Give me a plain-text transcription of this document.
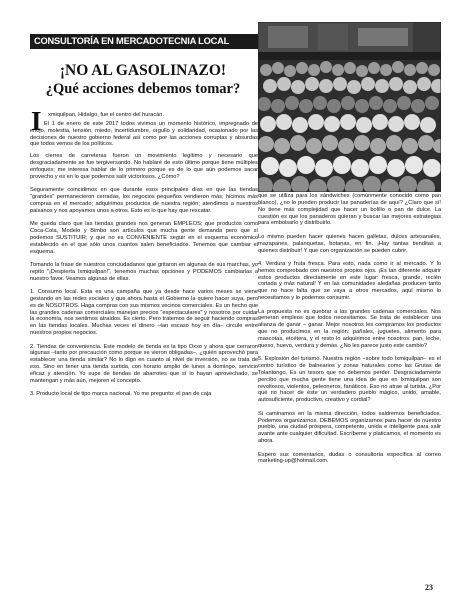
CONSULTORÍA EN MERCADOTECNIA LOCAL
¡NO AL GASOLINAZO!
¿Qué acciones debemos tomar?
I	xmiquilpan, Hidalgo, fue el centro del huracán.

El 1 de enero de este 2017 todos vivimos un momento histórico, impregnado de enojo, molestia, tensión, miedo, incertidumbre, orgullo y solidaridad, ocasionado por las decisiones de nuestro gobierno federal así como por las acciones corruptas y absurdas que todos vemos de los políticos.

Los cierres de carreteras fueron un movimiento legítimo y necesario que desgraciadamente se fue tergiversando. No hablaré de esto último porque tiene múltiples enfoques; me interesa hablar de lo primero porque es de lo que aún podemos sacar provecho y es en lo que podemos salir victoriosos. ¿Cómo?

Seguramente coincidimos en que durante esos principales días en que las tiendas "grandes" permanecieron cerradas, los negocios pequeños vendieron más; hicimos más compras en el mercado; adquirimos productos de nuestra región; atendimos a nuestros paisanos y nos apoyamos unos a otros. Esto es lo que hay que rescatar.

Me queda claro que las tiendas grandes nos generan EMPLEOS; que productos como Coca-Cola, Modelo y Bimbo son artículos que mucha gente demanda pero que sí podemos SUSTITUIR; y que no es CONVENIENTE seguir en el esquema económico establecido en el que sólo unos cuantos salen beneficiados. Tenemos que cambiar el esquema.

Tomando la frase de nuestros conciudadanos que gritaron en algunas de sus marchas, yo repito "¡Despierta Ixmiquilpan!", tenemos muchas opciones y PODEMOS cambiarlas a nuestro favor. Veamos algunas de ellas.

1. Consumo local. Esta es una campaña que ya desde hace varios meses se viene gestando en las redes sociales y que ahora hasta el Gobierno la quiere hacer suya, pero es de NOSOTROS. Haga compras con sus mismos vecinos comerciales. Es un hecho que las grandes cadenas comerciales manejan precios "espectaculares" y nosotros por cuidar la economía, nos sentimos atraídos. Es cierto. Pero tratemos de seguir haciendo compras en las tiendas locales. Muchas veces el dinero –tan escaso hoy en día– circule entre nuestros propios negocios.

2. Tiendas de conveniencia. Este modelo de tienda es la tipo Oxxo y ahora que cerraron algunas –tanto por precaución como porque se vieron obligadas–, ¿quién aprovechó para establecer una tienda similar? No lo digo en cuanto al nivel de inversión, no se trata de eso. Sino en tener una tienda surtida, con horario amplio de lunes a domingo, servicio eficaz y atención. Yo supe de tiendas de abarrotes que sí lo hayan aprovechado, se mantengan y más aún, mejoren el concepto.

3. Producto local de tipo marca nacional. Yo me pregunto: el pan de caja

que se utiliza para los sándwiches (comúnmente conocido como pan blanco), ¿no lo pueden producir las panaderías de aquí? ¿Claro que sí! No tiene más complejidad que hacer un bolillo o pan de dulce. La cuestión es que los panaderos quieran y buscar las mejores estrategias para embolsarlo y distribuirlo.

Lo mismo pueden hacer quienes hacen galletas, dulces artesanales, mazapanes, palanquetas, botanas, en fin. ¡Hay tantas tienditas a quienes distribuir! Y que con organización se pueden cubrir.

4. Verdura y fruta fresca. Para esto, nada como ir al mercado. Y lo hemos comprobado con nuestros propios ojos. ¡Es tan diferente adquirir estos productos directamente en este lugar: fresca, grande, recién cortada y más natural! Y en las comunidades aledañas producen tanto que no hace falta que se vaya a otros mercados, aquí mismo lo necesitamos y lo podemos consumir.

La propuesta no es quebrar a las grandes cadenas comerciales. Nos generan empleos que todos necesitamos. Se trata de establecer una alianza de ganar – ganar. Mejor nosotros les compramos los productos que no producimos en la región: pañales, juguetes, alimento para mascotas, etcétera, y el resto lo adquirimos entre nosotros: pan, leche, queso, huevo, verdura y demás. ¿No les parece justo este cambio?

5. Explosión del turismo. Nuestra región –sobre todo Ixmiquilpan– es el centro turístico de balnearios y zonas naturales como las Grutas de Tolantongo. Es un tesoro que no debemos perder. Desgraciadamente percibo que mucha gente tiene una idea de que en Ixmiquilpan son revoltosos, violentos, peleoneros, fanáticos. Eso no atrae al turista. ¿Por qué no hacer de éste un verdadero pueblo mágico, unido, amable, autosuficiente, productivo, creativo y cordial?

Si caminamos en la misma dirección, todos saldremos beneficiados. Podemos organizarnos. DEBEMOS organizarnos para hacer de nuestro pueblo, una ciudad próspera, competente, unida e inteligente para salir avante ante cualquier dificultad. Escríbeme y platicamos, el momento es ahora.

Espero sus comentarios, dudas o consultoría específica al correo marketing-up@hotmail.com.

23
